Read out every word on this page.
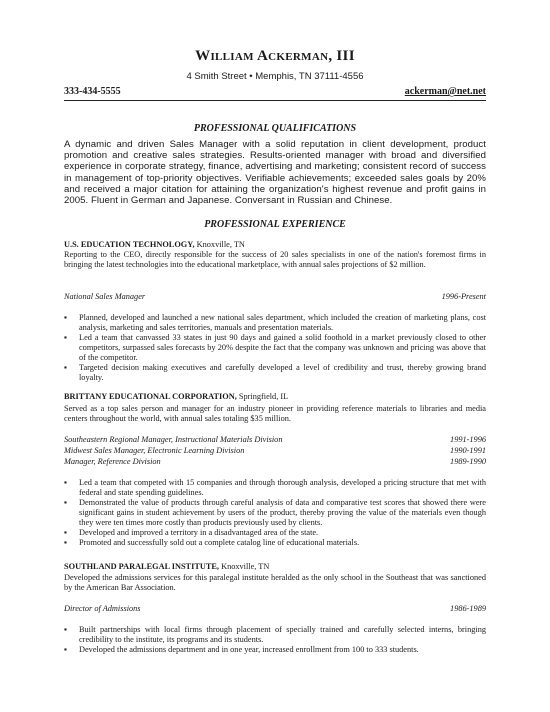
William Ackerman, III
4 Smith Street • Memphis, TN 37111-4556
333-434-5555	ackerman@net.net
PROFESSIONAL QUALIFICATIONS
A dynamic and driven Sales Manager with a solid reputation in client development, product promotion and creative sales strategies. Results-oriented manager with broad and diversified experience in corporate strategy, finance, advertising and marketing; consistent record of success in management of top-priority objectives. Verifiable achievements; exceeded sales goals by 20% and received a major citation for attaining the organization's highest revenue and profit gains in 2005. Fluent in German and Japanese. Conversant in Russian and Chinese.
PROFESSIONAL EXPERIENCE
U.S. EDUCATION TECHNOLOGY, Knoxville, TN
Reporting to the CEO, directly responsible for the success of 20 sales specialists in one of the nation's foremost firms in bringing the latest technologies into the educational marketplace, with annual sales projections of $2 million.
National Sales Manager	1996-Present
▪ Planned, developed and launched a new national sales department, which included the creation of marketing plans, cost analysis, marketing and sales territories, manuals and presentation materials.
▪ Led a team that canvassed 33 states in just 90 days and gained a solid foothold in a market previously closed to other competitors, surpassed sales forecasts by 20% despite the fact that the company was unknown and pricing was above that of the competitor.
▪ Targeted decision making executives and carefully developed a level of credibility and trust, thereby growing brand loyalty.
BRITTANY EDUCATIONAL CORPORATION, Springfield, IL
Served as a top sales person and manager for an industry pioneer in providing reference materials to libraries and media centers throughout the world, with annual sales totaling $35 million.
Southeastern Regional Manager, Instructional Materials Division	1991-1996
Midwest Sales Manager, Electronic Learning Division	1990-1991
Manager, Reference Division	1989-1990
▪ Led a team that competed with 15 companies and through thorough analysis, developed a pricing structure that met with federal and state spending guidelines.
▪ Demonstrated the value of products through careful analysis of data and comparative test scores that showed there were significant gains in student achievement by users of the product, thereby proving the value of the materials even though they were ten times more costly than products previously used by clients.
▪ Developed and improved a territory in a disadvantaged area of the state.
▪ Promoted and successfully sold out a complete catalog line of educational materials.
SOUTHLAND PARALEGAL INSTITUTE, Knoxville, TN
Developed the admissions services for this paralegal institute heralded as the only school in the Southeast that was sanctioned by the American Bar Association.
Director of Admissions	1986-1989
▪ Built partnerships with local firms through placement of specially trained and carefully selected interns, bringing credibility to the institute, its programs and its students.
▪ Developed the admissions department and in one year, increased enrollment from 100 to 333 students.
